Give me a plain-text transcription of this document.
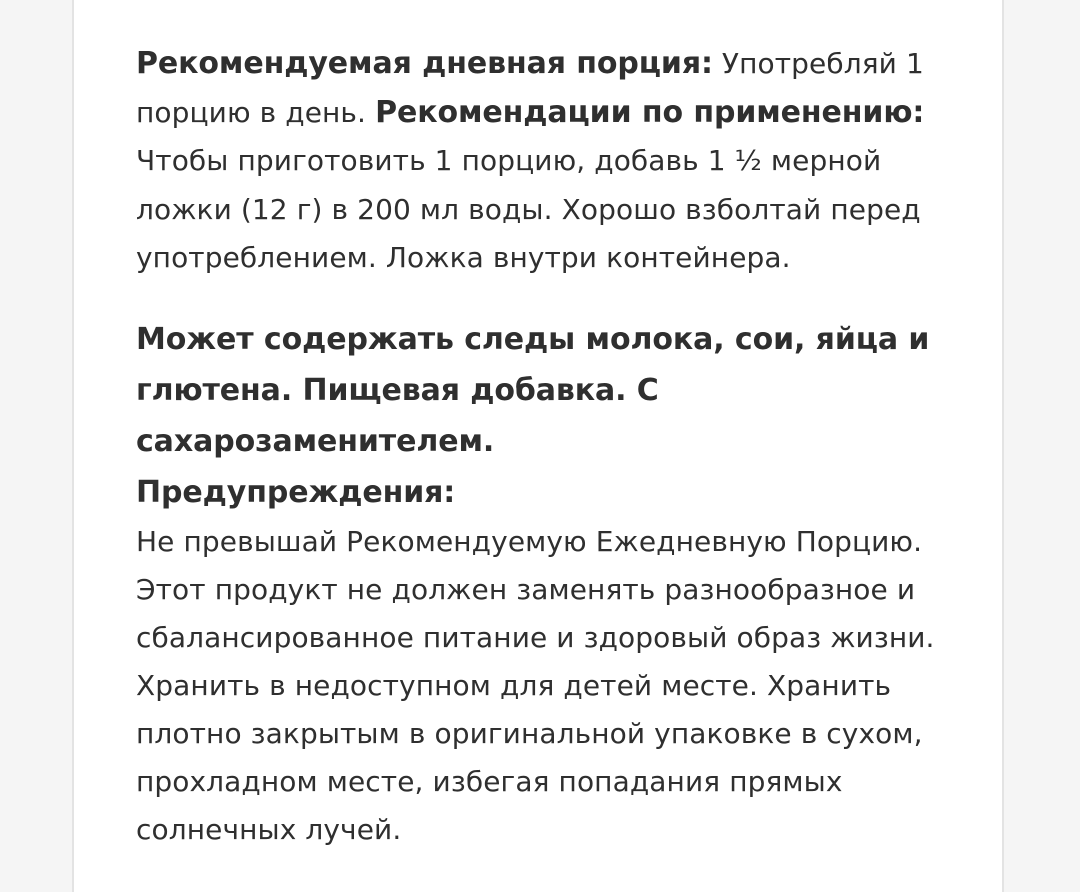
Рекомендуемая дневная порция: Употребляй 1 порцию в день. Рекомендации по применению: Чтобы приготовить 1 порцию, добавь 1 ½ мерной ложки (12 г) в 200 мл воды. Хорошо взболтай перед употреблением. Ложка внутри контейнера.

Может содержать следы молока, сои, яйца и глютена. Пищевая добавка. С сахарозаменителем.

Предупреждения:

Не превышай Рекомендуемую Ежедневную Порцию. Этот продукт не должен заменять разнообразное и сбалансированное питание и здоровый образ жизни. Хранить в недоступном для детей месте. Хранить плотно закрытым в оригинальной упаковке в сухом, прохладном месте, избегая попадания прямых солнечных лучей.
